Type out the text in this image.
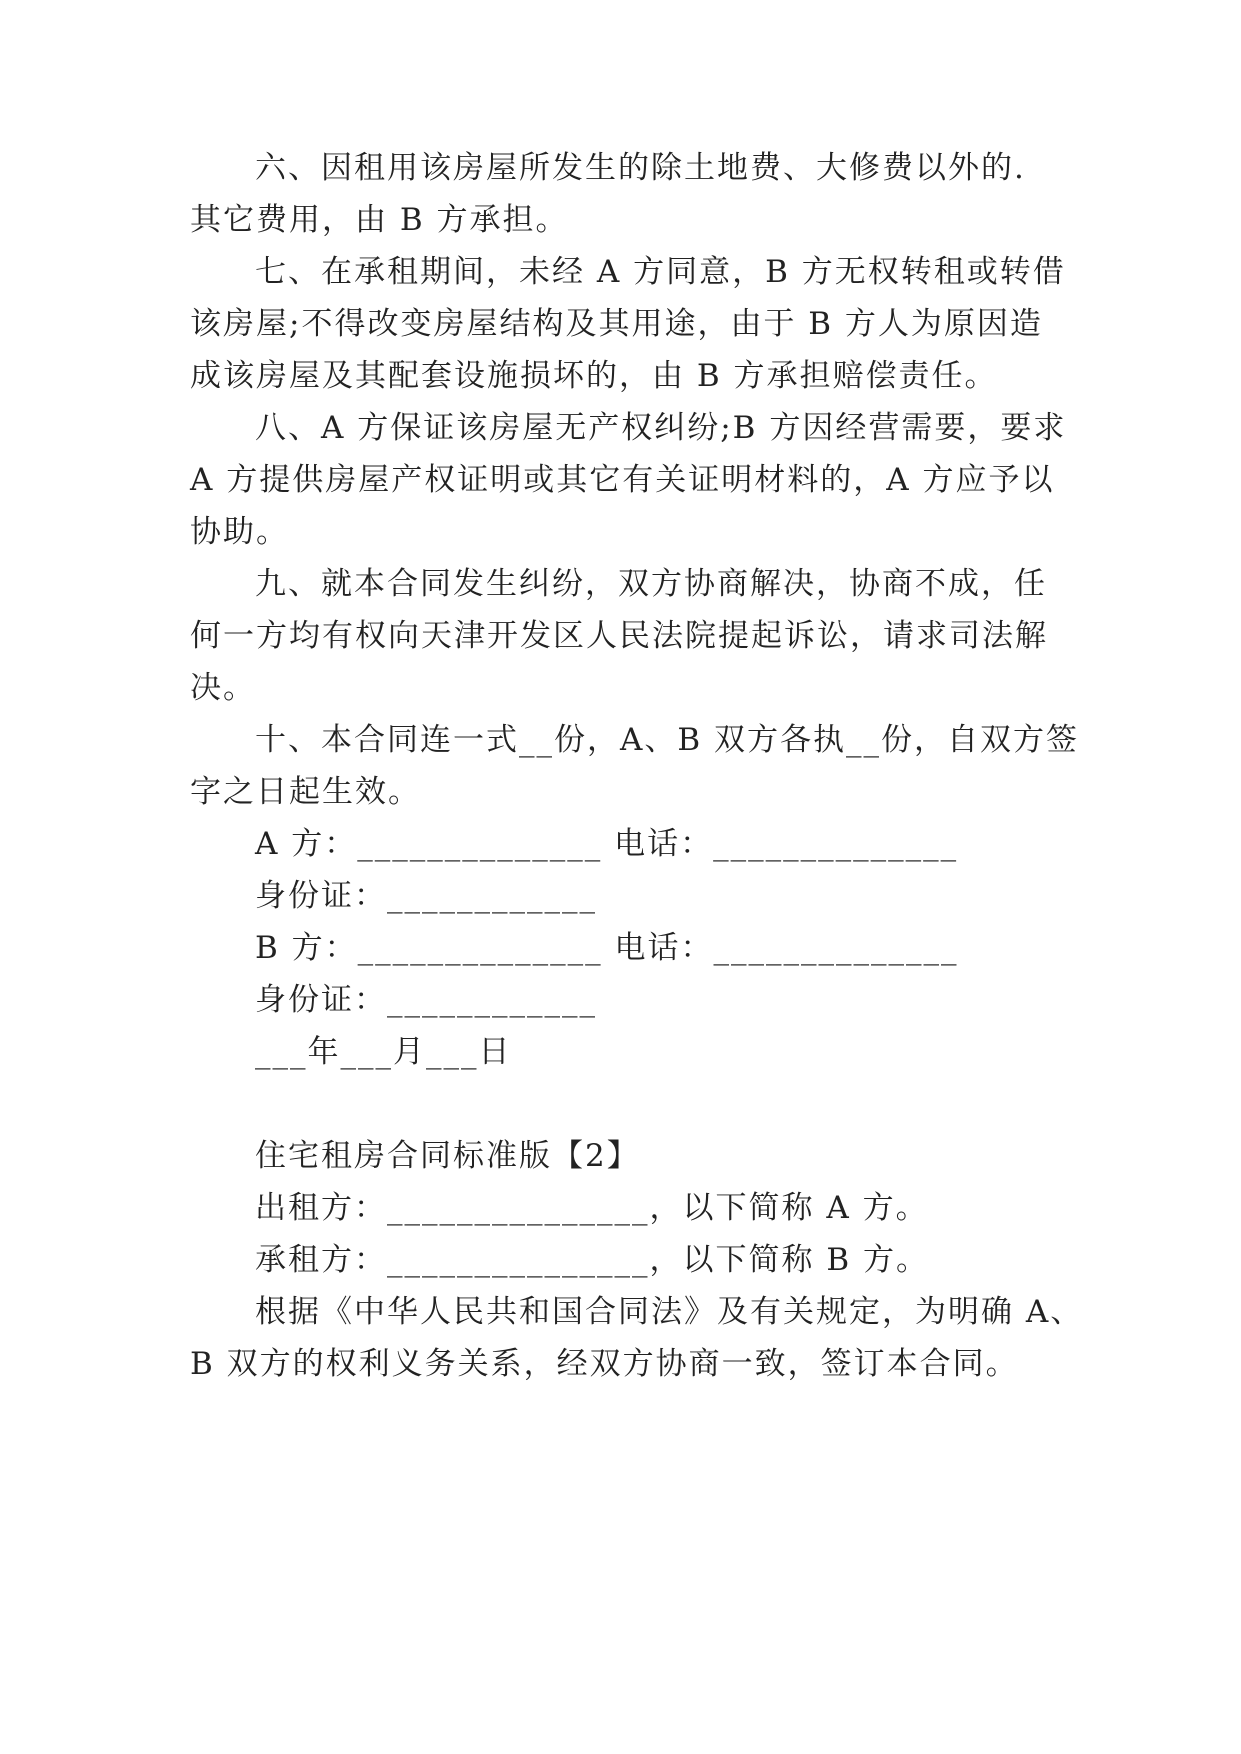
六、因租用该房屋所发生的除土地费、大修费以外的.
其它费用，由 B 方承担。
七、在承租期间，未经 A 方同意，B 方无权转租或转借
该房屋;不得改变房屋结构及其用途，由于 B 方人为原因造
成该房屋及其配套设施损坏的，由 B 方承担赔偿责任。
八、A 方保证该房屋无产权纠纷;B 方因经营需要，要求
A 方提供房屋产权证明或其它有关证明材料的，A 方应予以
协助。
九、就本合同发生纠纷，双方协商解决，协商不成，任
何一方均有权向天津开发区人民法院提起诉讼，请求司法解
决。
十、本合同连一式__份，A、B 双方各执__份，自双方签
字之日起生效。
A 方：______________ 电话：______________
身份证：____________
B 方：______________ 电话：______________
身份证：____________
___年___月___日
住宅租房合同标准版【2】
出租方：_______________，以下简称 A 方。
承租方：_______________，以下简称 B 方。
根据《中华人民共和国合同法》及有关规定，为明确 A、
B 双方的权利义务关系，经双方协商一致，签订本合同。
